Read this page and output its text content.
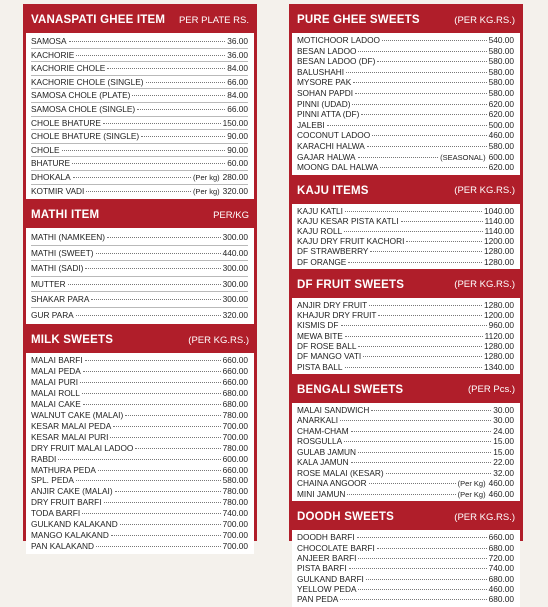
VANASPATI GHEE ITEM PER PLATE RS.
SAMOSA	36.00
KACHORIE	36.00
KACHORIE CHOLE	84.00
KACHORIE CHOLE (SINGLE)	66.00
SAMOSA CHOLE (PLATE)	84.00
SAMOSA CHOLE (SINGLE)	66.00
CHOLE BHATURE	150.00
CHOLE BHATURE (SINGLE)	90.00
CHOLE	90.00
BHATURE	60.00
DHOKALA	(Per kg) 280.00
KOTMIR VADI	(Per kg) 320.00
MATHI ITEM	PER/KG
MATHI (NAMKEEN)	300.00
MATHI (SWEET)	440.00
MATHI (SADI)	300.00
MUTTER	300.00
SHAKAR PARA	300.00
GUR PARA	320.00
MILK SWEETS	(PER KG.RS.)
MALAI BARFI	660.00
MALAI PEDA	660.00
MALAI PURI	660.00
MALAI ROLL	680.00
MALAI CAKE	680.00
WALNUT CAKE (MALAI)	780.00
KESAR MALAI PEDA	700.00
KESAR MALAI PURI	700.00
DRY FRUIT MALAI LADOO	780.00
RABDI	600.00
MATHURA PEDA	660.00
SPL. PEDA	580.00
ANJIR CAKE (MALAI)	780.00
DRY FRUIT BARFI	780.00
TODA BARFI	740.00
GULKAND KALAKAND	700.00
MANGO KALAKAND	700.00
PAN KALAKAND	700.00
PURE GHEE SWEETS	(PER KG.RS.)
MOTICHOOR LADOO	540.00
BESAN LADOO	580.00
BESAN LADOO (DF)	580.00
BALUSHAHI	580.00
MYSORE PAK	580.00
SOHAN PAPDI	580.00
PINNI (UDAD)	620.00
PINNI ATTA (DF)	620.00
JALEBI	500.00
COCONUT LADOO	460.00
KARACHI HALWA	580.00
GAJAR HALWA	(SEASONAL) 600.00
MOONG DAL HALWA	620.00
KAJU ITEMS	(PER KG.RS.)
KAJU KATLI	1040.00
KAJU KESAR PISTA KATLI	1140.00
KAJU ROLL	1140.00
KAJU DRY FRUIT KACHORI	1200.00
DF STRAWBERRY	1280.00
DF ORANGE	1280.00
DF FRUIT SWEETS	(PER KG.RS.)
ANJIR DRY FRUIT	1280.00
KHAJUR DRY FRUIT	1200.00
KISMIS DF	960.00
MEWA BITE	1120.00
DF ROSE BALL	1280.00
DF MANGO VATI	1280.00
PISTA BALL	1340.00
BENGALI SWEETS	(PER Pcs.)
MALAI SANDWICH	30.00
ANARKALI	30.00
CHAM-CHAM	24.00
ROSGULLA	15.00
GULAB JAMUN	15.00
KALA JAMUN	22.00
ROSE MALAI (KESAR)	32.00
CHAINA ANGOOR	(Per Kg) 460.00
MINI JAMUN	(Per Kg) 460.00
DOODH SWEETS	(PER KG.RS.)
DOODH BARFI	660.00
CHOCOLATE BARFI	680.00
ANJEER BARFI	720.00
PISTA BARFI	740.00
GULKAND BARFI	680.00
YELLOW PEDA	460.00
PAN PEDA	680.00
